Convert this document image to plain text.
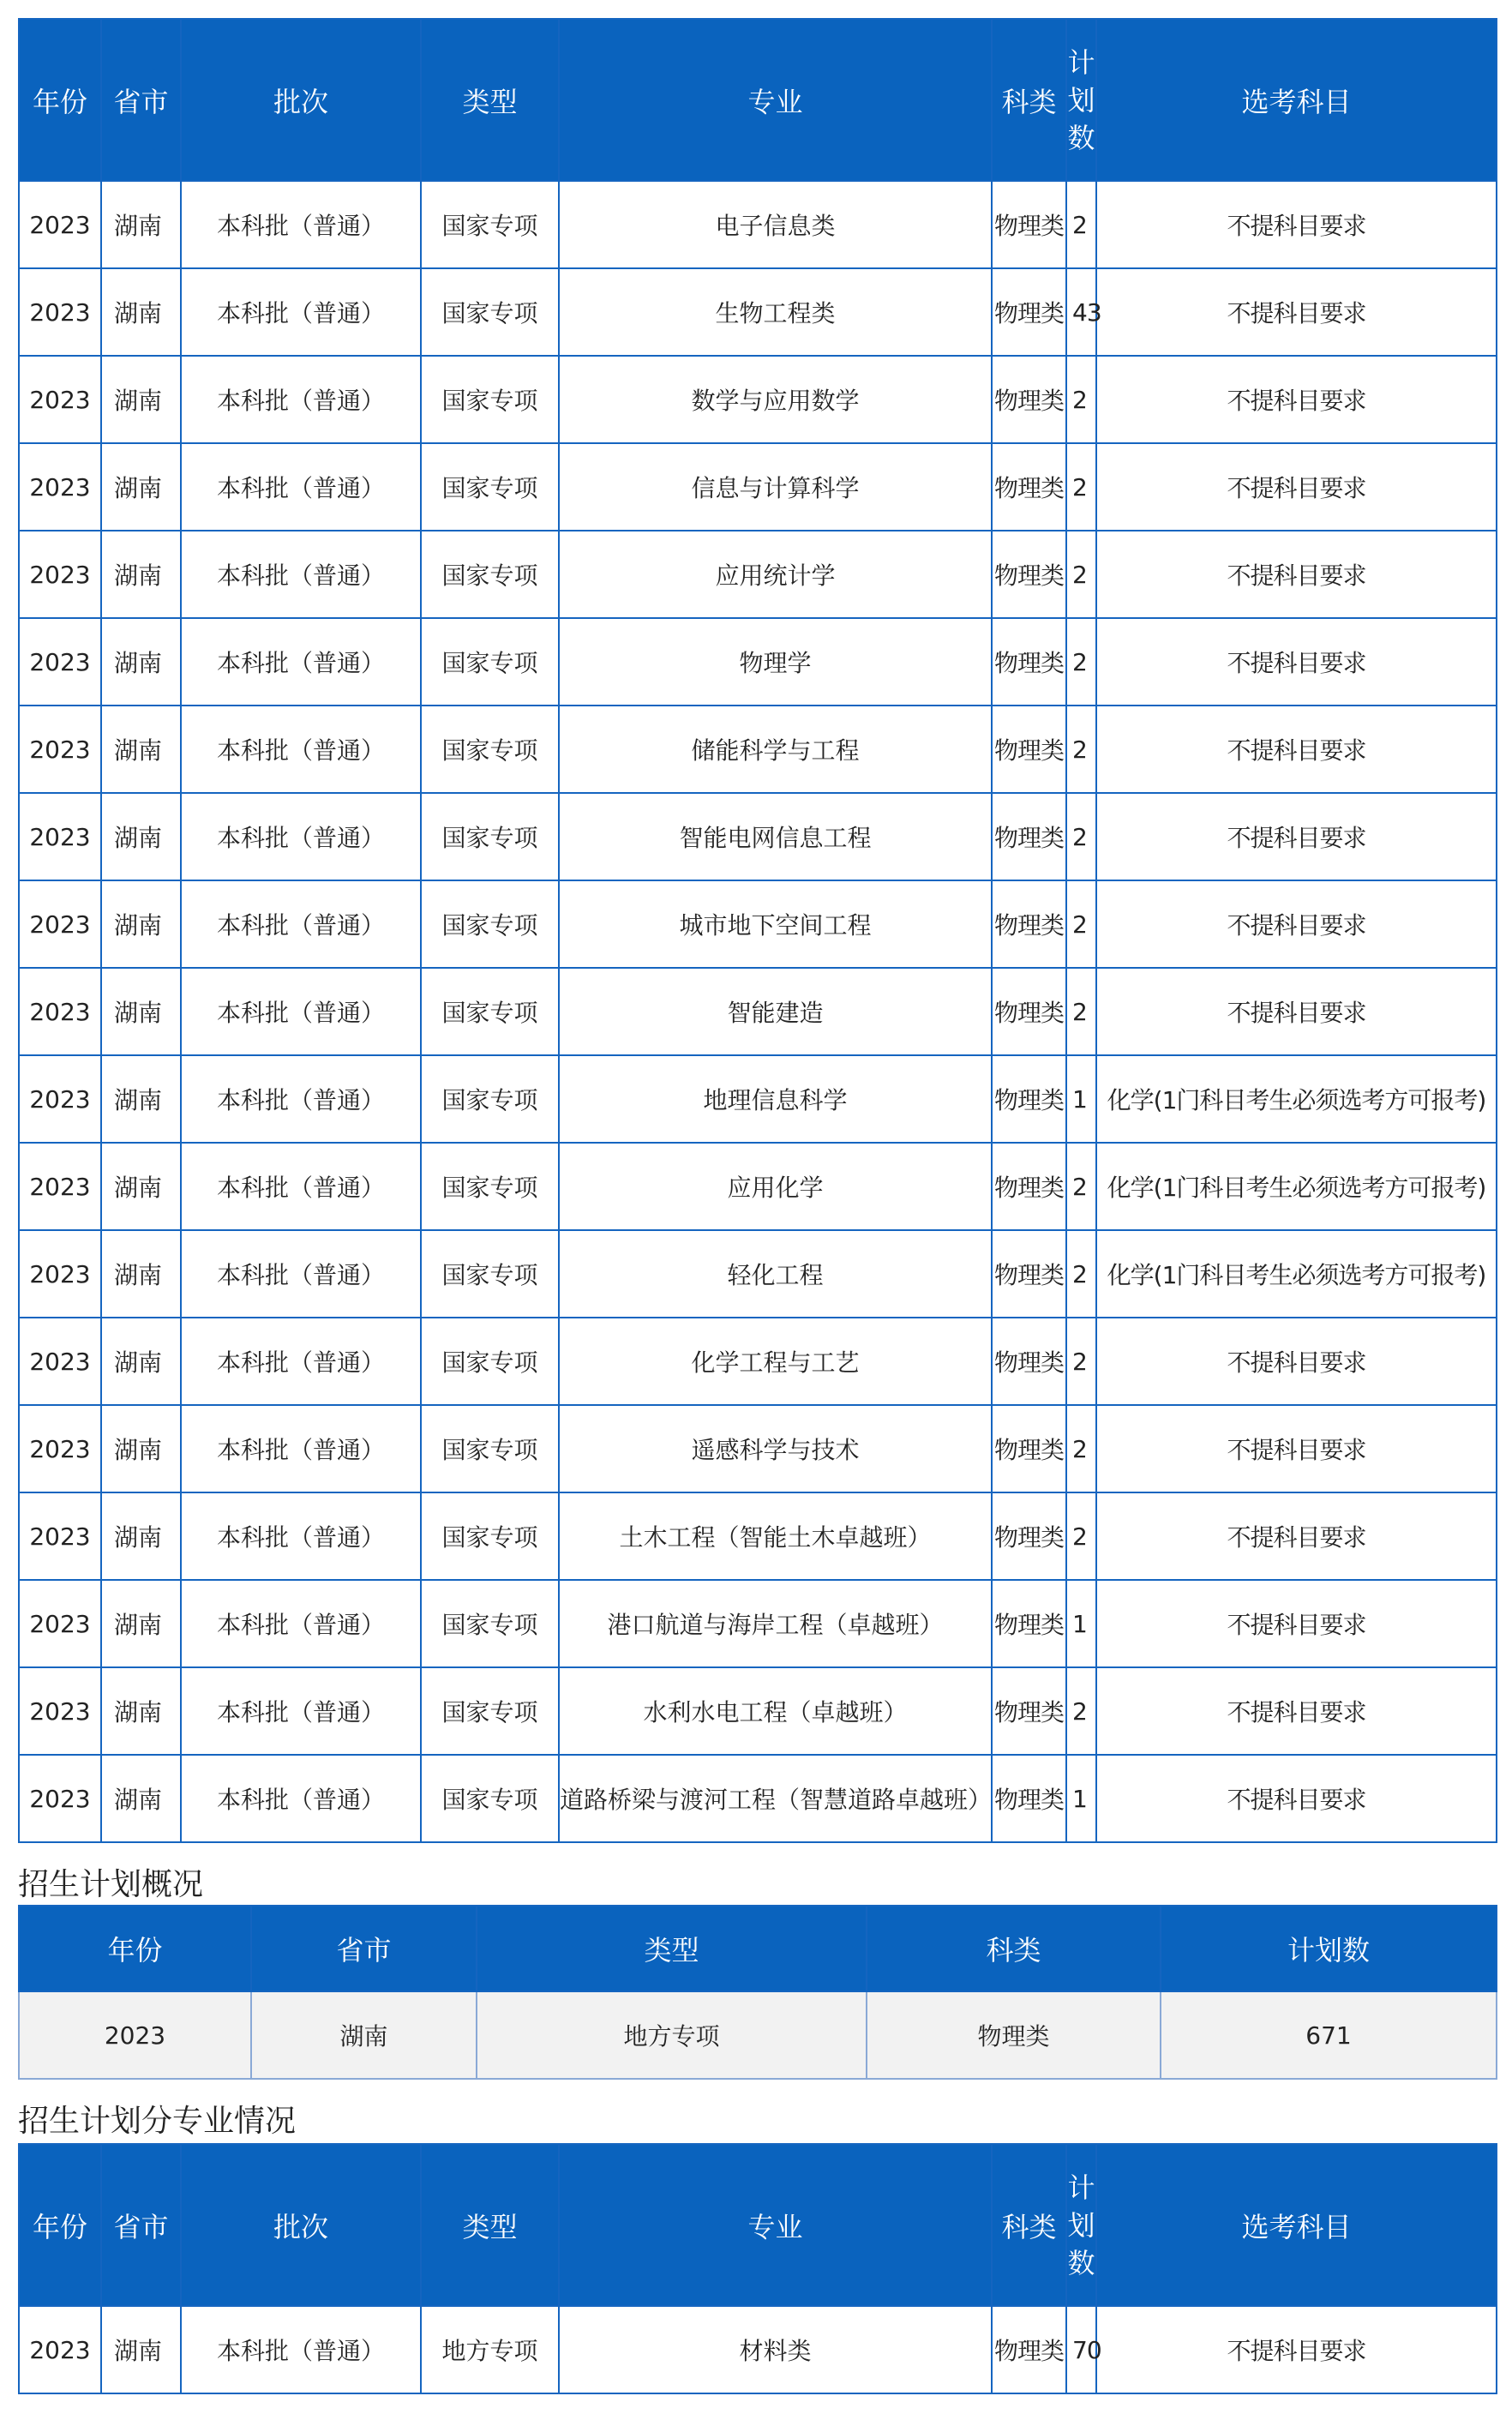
年份	省市	批次	类型	专业	科类	计划数	选考科目
2023	湖南	本科批（普通）	国家专项	电子信息类	物理类	2	不提科目要求
2023	湖南	本科批（普通）	国家专项	生物工程类	物理类	43	不提科目要求
2023	湖南	本科批（普通）	国家专项	数学与应用数学	物理类	2	不提科目要求
2023	湖南	本科批（普通）	国家专项	信息与计算科学	物理类	2	不提科目要求
2023	湖南	本科批（普通）	国家专项	应用统计学	物理类	2	不提科目要求
2023	湖南	本科批（普通）	国家专项	物理学	物理类	2	不提科目要求
2023	湖南	本科批（普通）	国家专项	储能科学与工程	物理类	2	不提科目要求
2023	湖南	本科批（普通）	国家专项	智能电网信息工程	物理类	2	不提科目要求
2023	湖南	本科批（普通）	国家专项	城市地下空间工程	物理类	2	不提科目要求
2023	湖南	本科批（普通）	国家专项	智能建造	物理类	2	不提科目要求
2023	湖南	本科批（普通）	国家专项	地理信息科学	物理类	1	化学(1门科目考生必须选考方可报考)
2023	湖南	本科批（普通）	国家专项	应用化学	物理类	2	化学(1门科目考生必须选考方可报考)
2023	湖南	本科批（普通）	国家专项	轻化工程	物理类	2	化学(1门科目考生必须选考方可报考)
2023	湖南	本科批（普通）	国家专项	化学工程与工艺	物理类	2	不提科目要求
2023	湖南	本科批（普通）	国家专项	遥感科学与技术	物理类	2	不提科目要求
2023	湖南	本科批（普通）	国家专项	土木工程（智能土木卓越班）	物理类	2	不提科目要求
2023	湖南	本科批（普通）	国家专项	港口航道与海岸工程（卓越班）	物理类	1	不提科目要求
2023	湖南	本科批（普通）	国家专项	水利水电工程（卓越班）	物理类	2	不提科目要求
2023	湖南	本科批（普通）	国家专项	道路桥梁与渡河工程（智慧道路卓越班）	物理类	1	不提科目要求
招生计划概况
年份	省市	类型	科类	计划数
2023	湖南	地方专项	物理类	671
招生计划分专业情况
年份	省市	批次	类型	专业	科类	计划数	选考科目
2023	湖南	本科批（普通）	地方专项	材料类	物理类	70	不提科目要求
